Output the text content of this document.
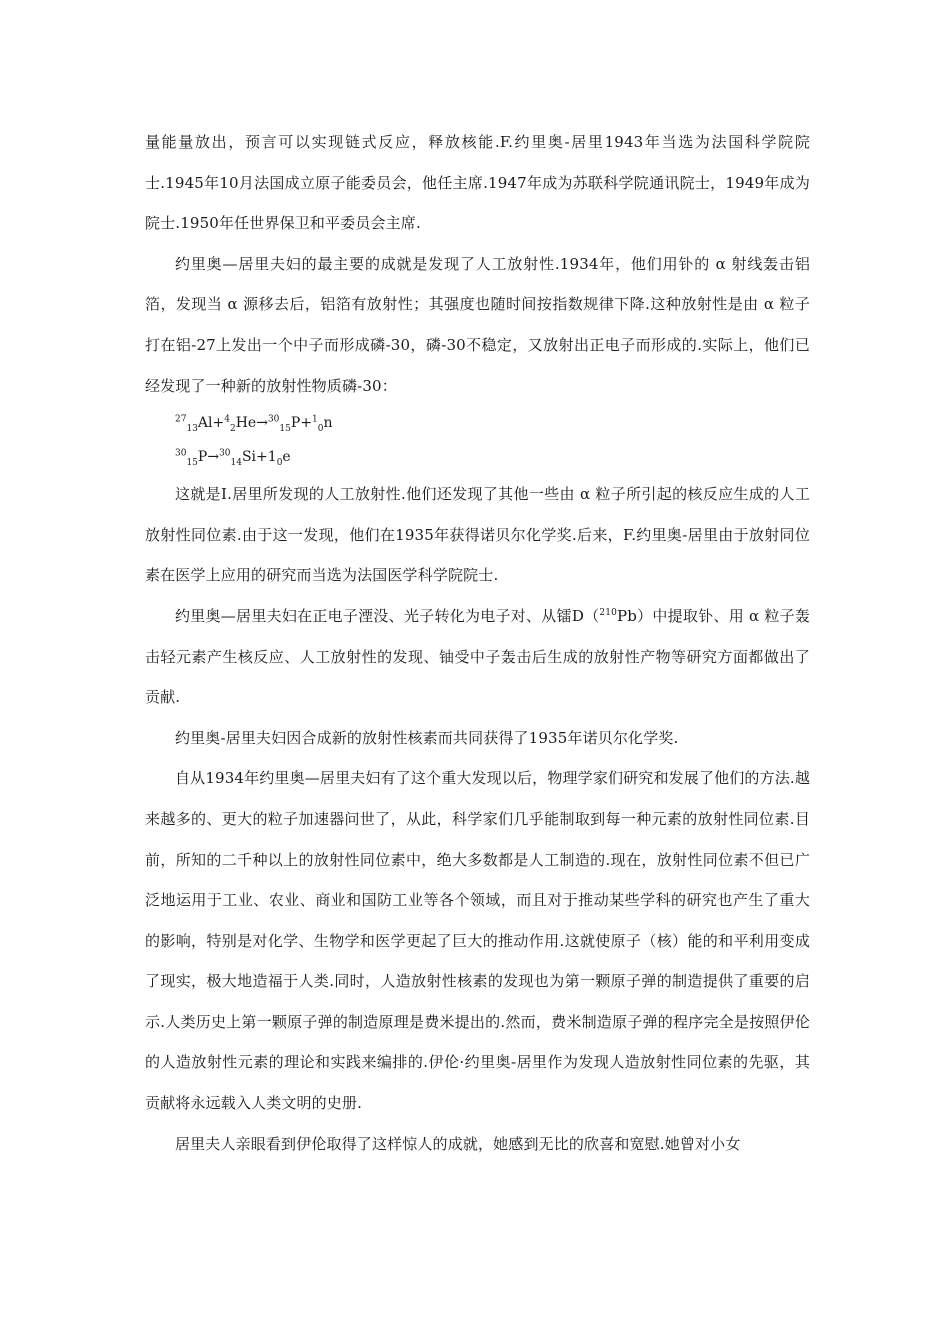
量能量放出，预言可以实现链式反应，释放核能.F.约里奥-居里1943年当选为法国科学院院士.1945年10月法国成立原子能委员会，他任主席.1947年成为苏联科学院通讯院士，1949年成为院士.1950年任世界保卫和平委员会主席.

约里奥—居里夫妇的最主要的成就是发现了人工放射性.1934年，他们用钋的 α 射线轰击铝箔，发现当 α 源移去后，铝箔有放射性；其强度也随时间按指数规律下降.这种放射性是由 α 粒子打在铝-27上发出一个中子而形成磷-30，磷-30不稳定，又放射出正电子而形成的.实际上，他们已经发现了一种新的放射性物质磷-30：

$^{27}_{13}$Al+$^4_2$He→$^{30}_{15}$P+$^1_0$n

$^{30}_{15}P\to^{30}_{14}Si+1_0e$

这就是I.居里所发现的人工放射性.他们还发现了其他一些由 α 粒子所引起的核反应生成的人工放射性同位素.由于这一发现，他们在1935年获得诺贝尔化学奖.后来，F.约里奥-居里由于放射同位素在医学上应用的研究而当选为法国医学科学院院士.

约里奥—居里夫妇在正电子湮没、光子转化为电子对、从镭D（$^{210}$Pb）中提取钋、用 α 粒子轰击轻元素产生核反应、人工放射性的发现、铀受中子轰击后生成的放射性产物等研究方面都做出了贡献.

约里奥-居里夫妇因合成新的放射性核素而共同获得了1935年诺贝尔化学奖.

自从1934年约里奥—居里夫妇有了这个重大发现以后，物理学家们研究和发展了他们的方法.越来越多的、更大的粒子加速器问世了，从此，科学家们几乎能制取到每一种元素的放射性同位素.目前，所知的二千种以上的放射性同位素中，绝大多数都是人工制造的.现在，放射性同位素不但已广泛地运用于工业、农业、商业和国防工业等各个领域，而且对于推动某些学科的研究也产生了重大的影响，特别是对化学、生物学和医学更起了巨大的推动作用.这就使原子（核）能的和平利用变成了现实，极大地造福于人类.同时，人造放射性核素的发现也为第一颗原子弹的制造提供了重要的启示.人类历史上第一颗原子弹的制造原理是费米提出的.然而，费米制造原子弹的程序完全是按照伊伦的人造放射性元素的理论和实践来编排的.伊伦·约里奥-居里作为发现人造放射性同位素的先驱，其贡献将永远载入人类文明的史册.

居里夫人亲眼看到伊伦取得了这样惊人的成就，她感到无比的欣喜和宽慰.她曾对小女
